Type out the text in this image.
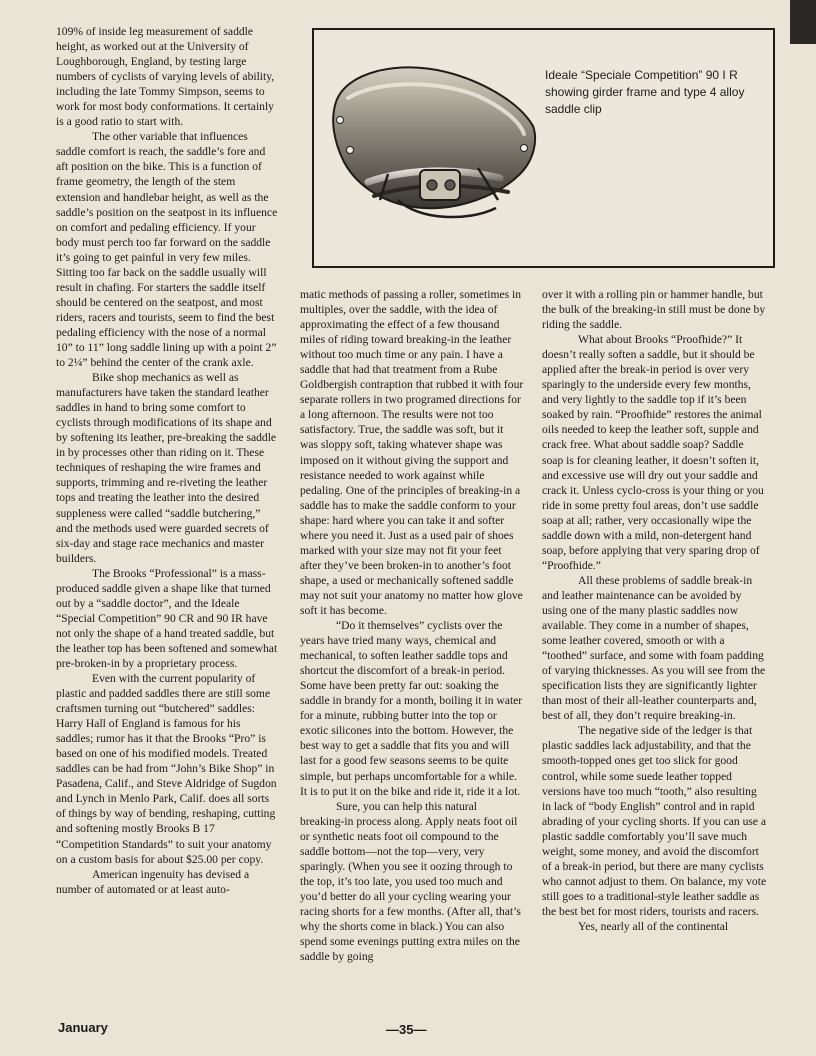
109% of inside leg measurement of saddle height, as worked out at the University of Loughborough, England, by testing large numbers of cyclists of varying levels of ability, including the late Tommy Simpson, seems to work for most body conformations. It certainly is a good ratio to start with.

The other variable that influences saddle comfort is reach, the saddle’s fore and aft position on the bike. This is a function of frame geometry, the length of the stem extension and handlebar height, as well as the saddle’s position on the seatpost in its influence on comfort and pedaling efficiency. If your body must perch too far forward on the saddle it’s going to get painful in very few miles. Sitting too far back on the saddle usually will result in chafing. For starters the saddle itself should be centered on the seatpost, and most riders, racers and tourists, seem to find the best pedaling efficiency with the nose of a normal 10” to 11” long saddle lining up with a point 2” to 2¼” behind the center of the crank axle.

Bike shop mechanics as well as manufacturers have taken the standard leather saddles in hand to bring some comfort to cyclists through modifications of its shape and by softening its leather, pre-breaking the saddle in by processes other than riding on it. These techniques of reshaping the wire frames and supports, trimming and re-riveting the leather tops and treating the leather into the desired suppleness were called “saddle butchering,” and the methods used were guarded secrets of six-day and stage race mechanics and master builders.

The Brooks “Professional” is a mass-produced saddle given a shape like that turned out by a “saddle doctor”, and the Ideale “Special Competition” 90 CR and 90 IR have not only the shape of a hand treated saddle, but the leather top has been softened and somewhat pre-broken-in by a proprietary process.

Even with the current popularity of plastic and padded saddles there are still some craftsmen turning out “butchered” saddles: Harry Hall of England is famous for his saddles; rumor has it that the Brooks “Pro” is based on one of his modified models. Treated saddles can be had from “John’s Bike Shop” in Pasadena, Calif., and Steve Aldridge of Sugdon and Lynch in Menlo Park, Calif. does all sorts of things by way of bending, reshaping, cutting and softening mostly Brooks B 17 “Competition Standards” to suit your anatomy on a custom basis for about $25.00 per copy.

American ingenuity has devised a number of automated or at least auto-

Ideale “Speciale Competition” 90 I R showing girder frame and type 4 alloy saddle clip

matic methods of passing a roller, sometimes in multiples, over the saddle, with the idea of approximating the effect of a few thousand miles of riding toward breaking-in the leather without too much time or any pain. I have a saddle that had that treatment from a Rube Goldbergish contraption that rubbed it with four separate rollers in two programed directions for a long afternoon. The results were not too satisfactory. True, the saddle was soft, but it was sloppy soft, taking whatever shape was imposed on it without giving the support and resistance needed to work against while pedaling. One of the principles of breaking-in a saddle has to make the saddle conform to your shape: hard where you can take it and softer where you need it. Just as a used pair of shoes marked with your size may not fit your feet after they’ve been broken-in to another’s foot shape, a used or mechanically softened saddle may not suit your anatomy no matter how glove soft it has become.

“Do it themselves” cyclists over the years have tried many ways, chemical and mechanical, to soften leather saddle tops and shortcut the discomfort of a break-in period. Some have been pretty far out: soaking the saddle in brandy for a month, boiling it in water for a minute, rubbing butter into the top or exotic silicones into the bottom. However, the best way to get a saddle that fits you and will last for a good few seasons seems to be quite simple, but perhaps uncomfortable for a while. It is to put it on the bike and ride it, ride it a lot.

Sure, you can help this natural breaking-in process along. Apply neats foot oil or synthetic neats foot oil compound to the saddle bottom—not the top—very, very sparingly. (When you see it oozing through to the top, it’s too late, you used too much and you’d better do all your cycling wearing your racing shorts for a few months. (After all, that’s why the shorts come in black.) You can also spend some evenings putting extra miles on the saddle by going

over it with a rolling pin or hammer handle, but the bulk of the breaking-in still must be done by riding the saddle.

What about Brooks “Proofhide?” It doesn’t really soften a saddle, but it should be applied after the break-in period is over very sparingly to the underside every few months, and very lightly to the saddle top if it’s been soaked by rain. “Proofhide” restores the animal oils needed to keep the leather soft, supple and crack free. What about saddle soap? Saddle soap is for cleaning leather, it doesn’t soften it, and excessive use will dry out your saddle and crack it. Unless cyclo-cross is your thing or you ride in some pretty foul areas, don’t use saddle soap at all; rather, very occasionally wipe the saddle down with a mild, non-detergent hand soap, before applying that very sparing drop of “Proofhide.”

All these problems of saddle break-in and leather maintenance can be avoided by using one of the many plastic saddles now available. They come in a number of shapes, some leather covered, smooth or with a “toothed” surface, and some with foam padding of varying thicknesses. As you will see from the specification lists they are significantly lighter than most of their all-leather counterparts and, best of all, they don’t require breaking-in.

The negative side of the ledger is that plastic saddles lack adjustability, and that the smooth-topped ones get too slick for good control, while some suede leather topped versions have too much “tooth,” also resulting in lack of “body English” control and in rapid abrading of your cycling shorts. If you can use a plastic saddle comfortably you’ll save much weight, some money, and avoid the discomfort of a break-in period, but there are many cyclists who cannot adjust to them. On balance, my vote still goes to a traditional-style leather saddle as the best bet for most riders, tourists and racers.

Yes, nearly all of the continental

January	—35—
